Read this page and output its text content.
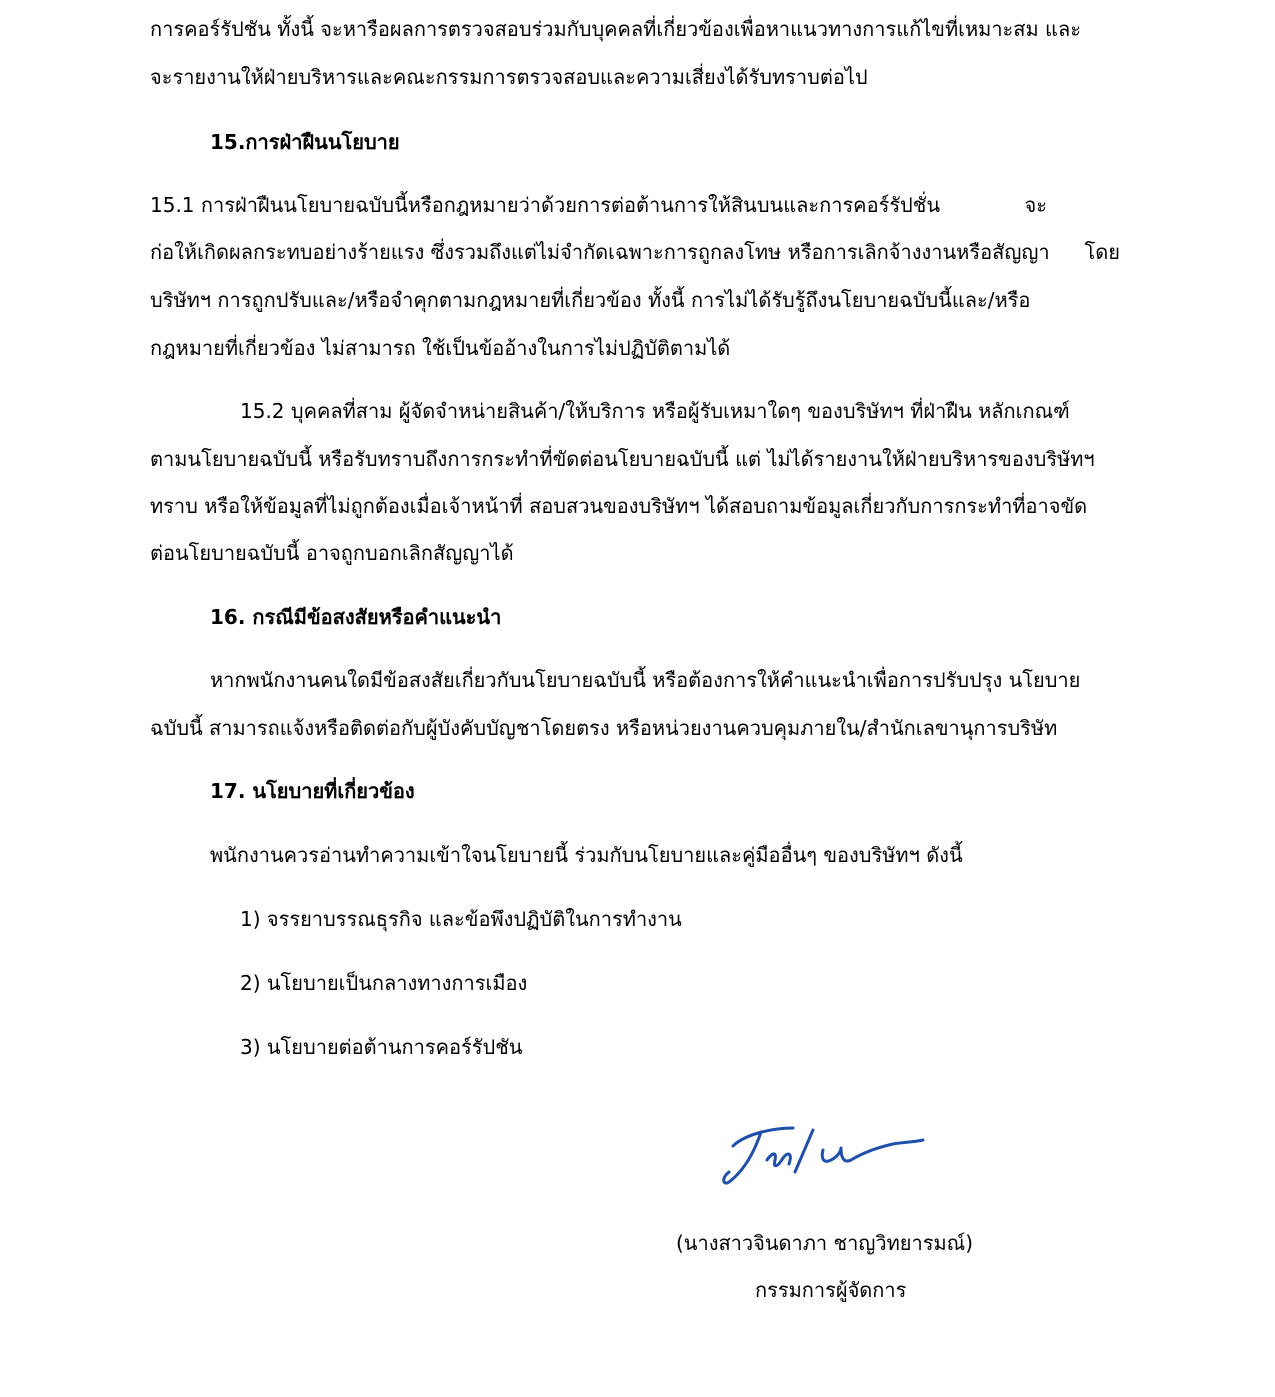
การคอร์รัปชัน ทั้งนี้ จะหารือผลการตรวจสอบร่วมกับบุคคลที่เกี่ยวข้องเพื่อหาแนวทางการแก้ไขที่เหมาะสม และ
จะรายงานให้ฝ่ายบริหารและคณะกรรมการตรวจสอบและความเสี่ยงได้รับทราบต่อไป
15.การฝ่าฝืนนโยบาย
15.1 การฝ่าฝืนนโยบายฉบับนี้หรือกฎหมายว่าด้วยการต่อต้านการให้สินบนและการคอร์รัปชั่น	จะ
ก่อให้เกิดผลกระทบอย่างร้ายแรง ซึ่งรวมถึงแต่ไม่จำกัดเฉพาะการถูกลงโทษ หรือการเลิกจ้างงานหรือสัญญา โดย
บริษัทฯ การถูกปรับและ/หรือจำคุกตามกฎหมายที่เกี่ยวข้อง ทั้งนี้ การไม่ได้รับรู้ถึงนโยบายฉบับนี้และ/หรือ
กฎหมายที่เกี่ยวข้อง ไม่สามารถ ใช้เป็นข้ออ้างในการไม่ปฏิบัติตามได้
15.2 บุคคลที่สาม ผู้จัดจำหน่ายสินค้า/ให้บริการ หรือผู้รับเหมาใดๆ ของบริษัทฯ ที่ฝ่าฝืน หลักเกณฑ์
ตามนโยบายฉบับนี้ หรือรับทราบถึงการกระทำที่ขัดต่อนโยบายฉบับนี้ แต่ ไม่ได้รายงานให้ฝ่ายบริหารของบริษัทฯ
ทราบ หรือให้ข้อมูลที่ไม่ถูกต้องเมื่อเจ้าหน้าที่ สอบสวนของบริษัทฯ ได้สอบถามข้อมูลเกี่ยวกับการกระทำที่อาจขัด
ต่อนโยบายฉบับนี้ อาจถูกบอกเลิกสัญญาได้
16. กรณีมีข้อสงสัยหรือคำแนะนำ
หากพนักงานคนใดมีข้อสงสัยเกี่ยวกับนโยบายฉบับนี้ หรือต้องการให้คำแนะนำเพื่อการปรับปรุง นโยบาย
ฉบับนี้ สามารถแจ้งหรือติดต่อกับผู้บังคับบัญชาโดยตรง หรือหน่วยงานควบคุมภายใน/สำนักเลขานุการบริษัท
17. นโยบายที่เกี่ยวข้อง
พนักงานควรอ่านทำความเข้าใจนโยบายนี้ ร่วมกับนโยบายและคู่มืออื่นๆ ของบริษัทฯ ดังนี้
1) จรรยาบรรณธุรกิจ และข้อพึงปฏิบัติในการทำงาน
2) นโยบายเป็นกลางทางการเมือง
3) นโยบายต่อต้านการคอร์รัปชัน
(นางสาวจินดาภา ชาญวิทยารมณ์)
กรรมการผู้จัดการ
